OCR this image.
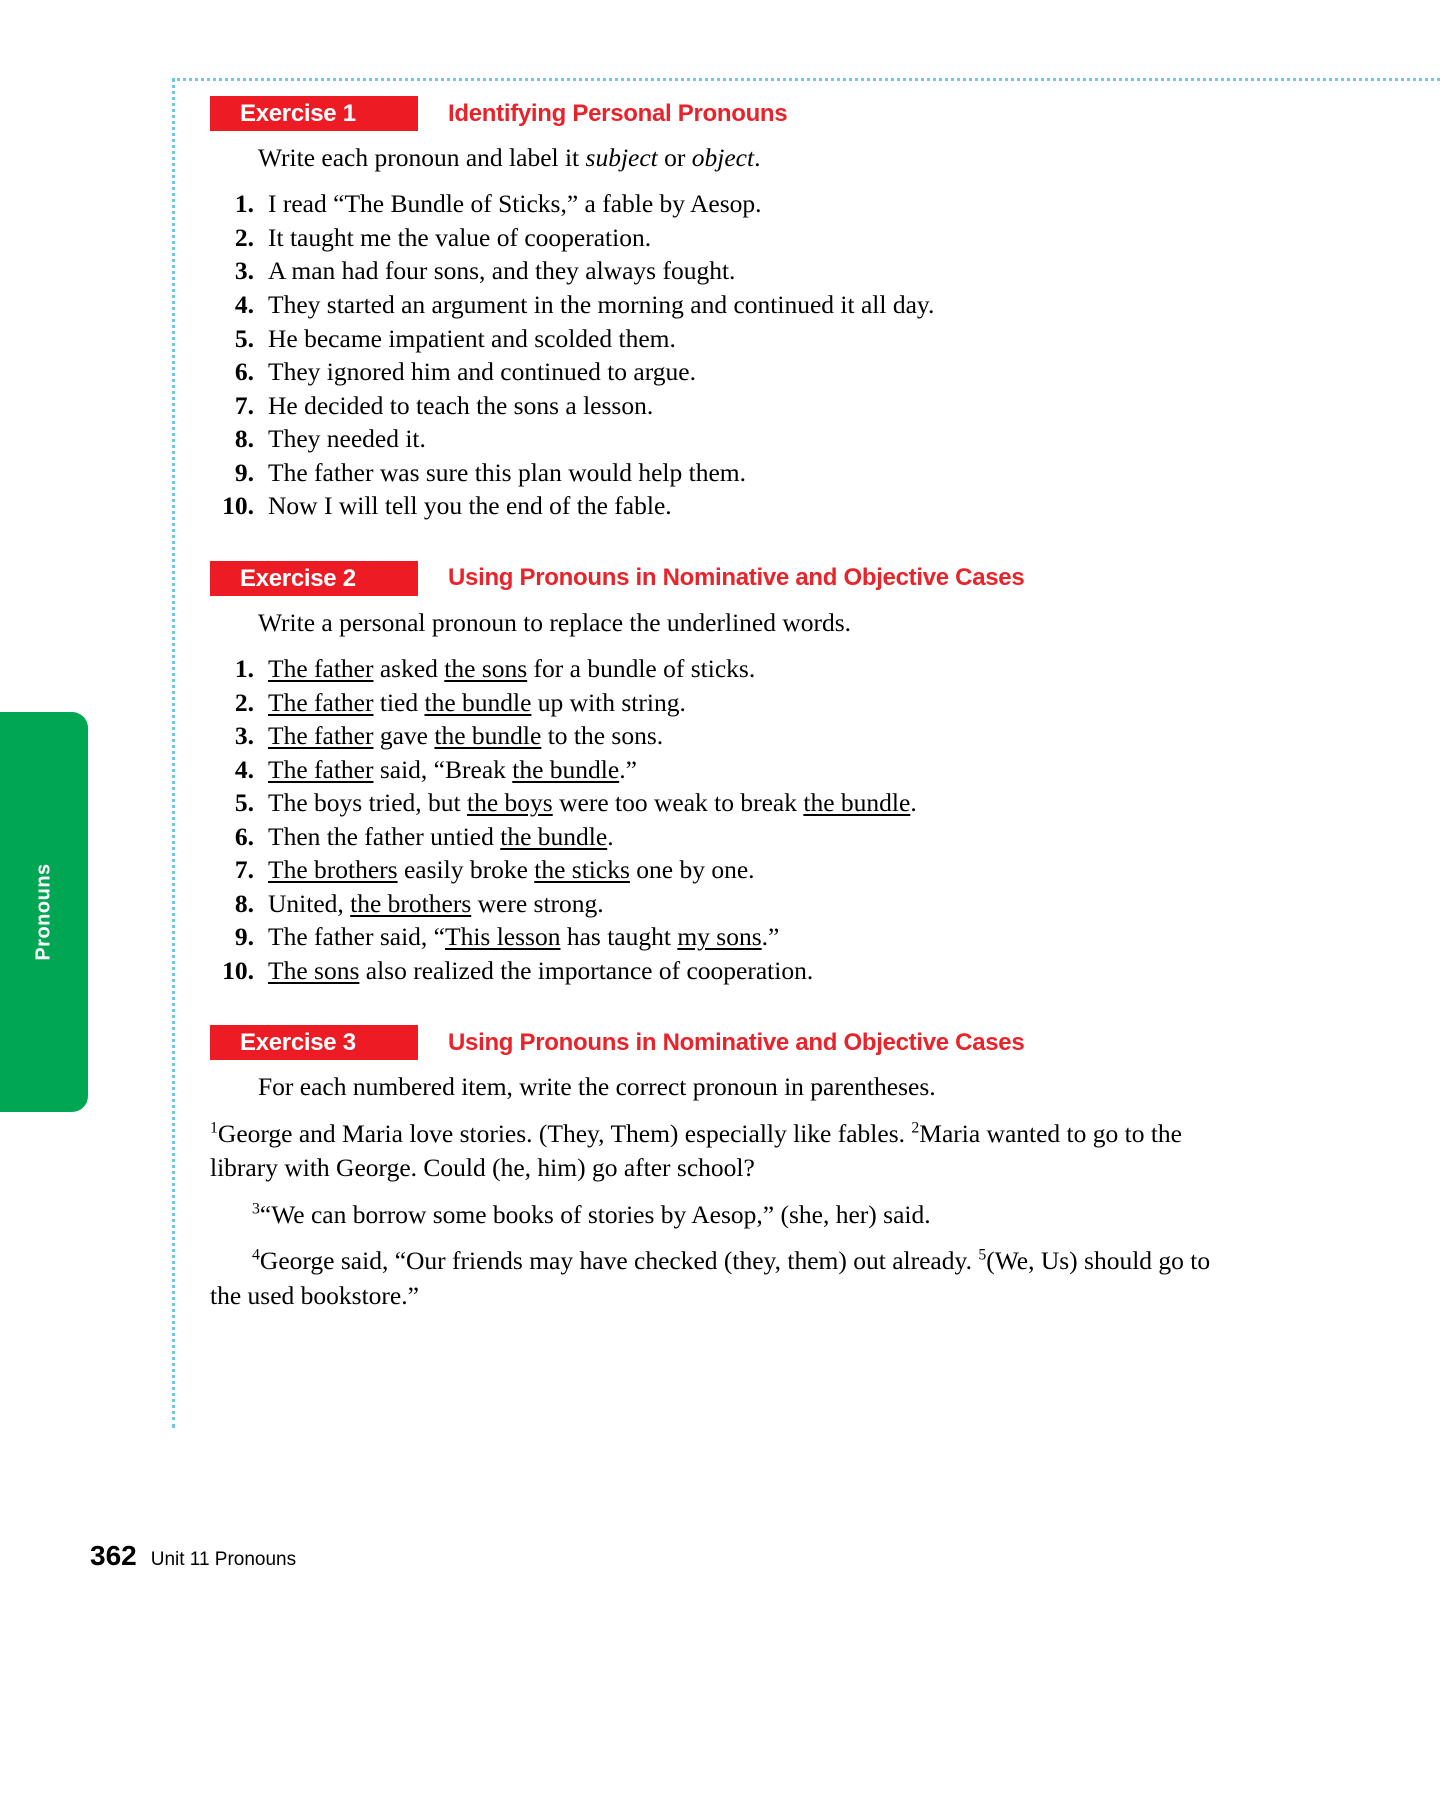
Pronouns
Exercise 1	Identifying Personal Pronouns

Write each pronoun and label it subject or object.

1. I read “The Bundle of Sticks,” a fable by Aesop.
2. It taught me the value of cooperation.
3. A man had four sons, and they always fought.
4. They started an argument in the morning and continued it all day.
5. He became impatient and scolded them.
6. They ignored him and continued to argue.
7. He decided to teach the sons a lesson.
8. They needed it.
9. The father was sure this plan would help them.
10. Now I will tell you the end of the fable.
Exercise 2	Using Pronouns in Nominative and Objective Cases

Write a personal pronoun to replace the underlined words.

1. The father asked the sons for a bundle of sticks.
2. The father tied the bundle up with string.
3. The father gave the bundle to the sons.
4. The father said, “Break the bundle.”
5. The boys tried, but the boys were too weak to break the bundle.
6. Then the father untied the bundle.
7. The brothers easily broke the sticks one by one.
8. United, the brothers were strong.
9. The father said, “This lesson has taught my sons.”
10. The sons also realized the importance of cooperation.
Exercise 3	Using Pronouns in Nominative and Objective Cases

For each numbered item, write the correct pronoun in parentheses.

$^1$George and Maria love stories. (They, Them) especially like fables. $^2$Maria wanted to go to the library with George. Could (he, him) go after school?

$^3$“We can borrow some books of stories by Aesop,” (she, her) said.

$^4$George said, “Our friends may have checked (they, them) out already. $^5$(We, Us) should go to the used bookstore.”

362 Unit 11 Pronouns
